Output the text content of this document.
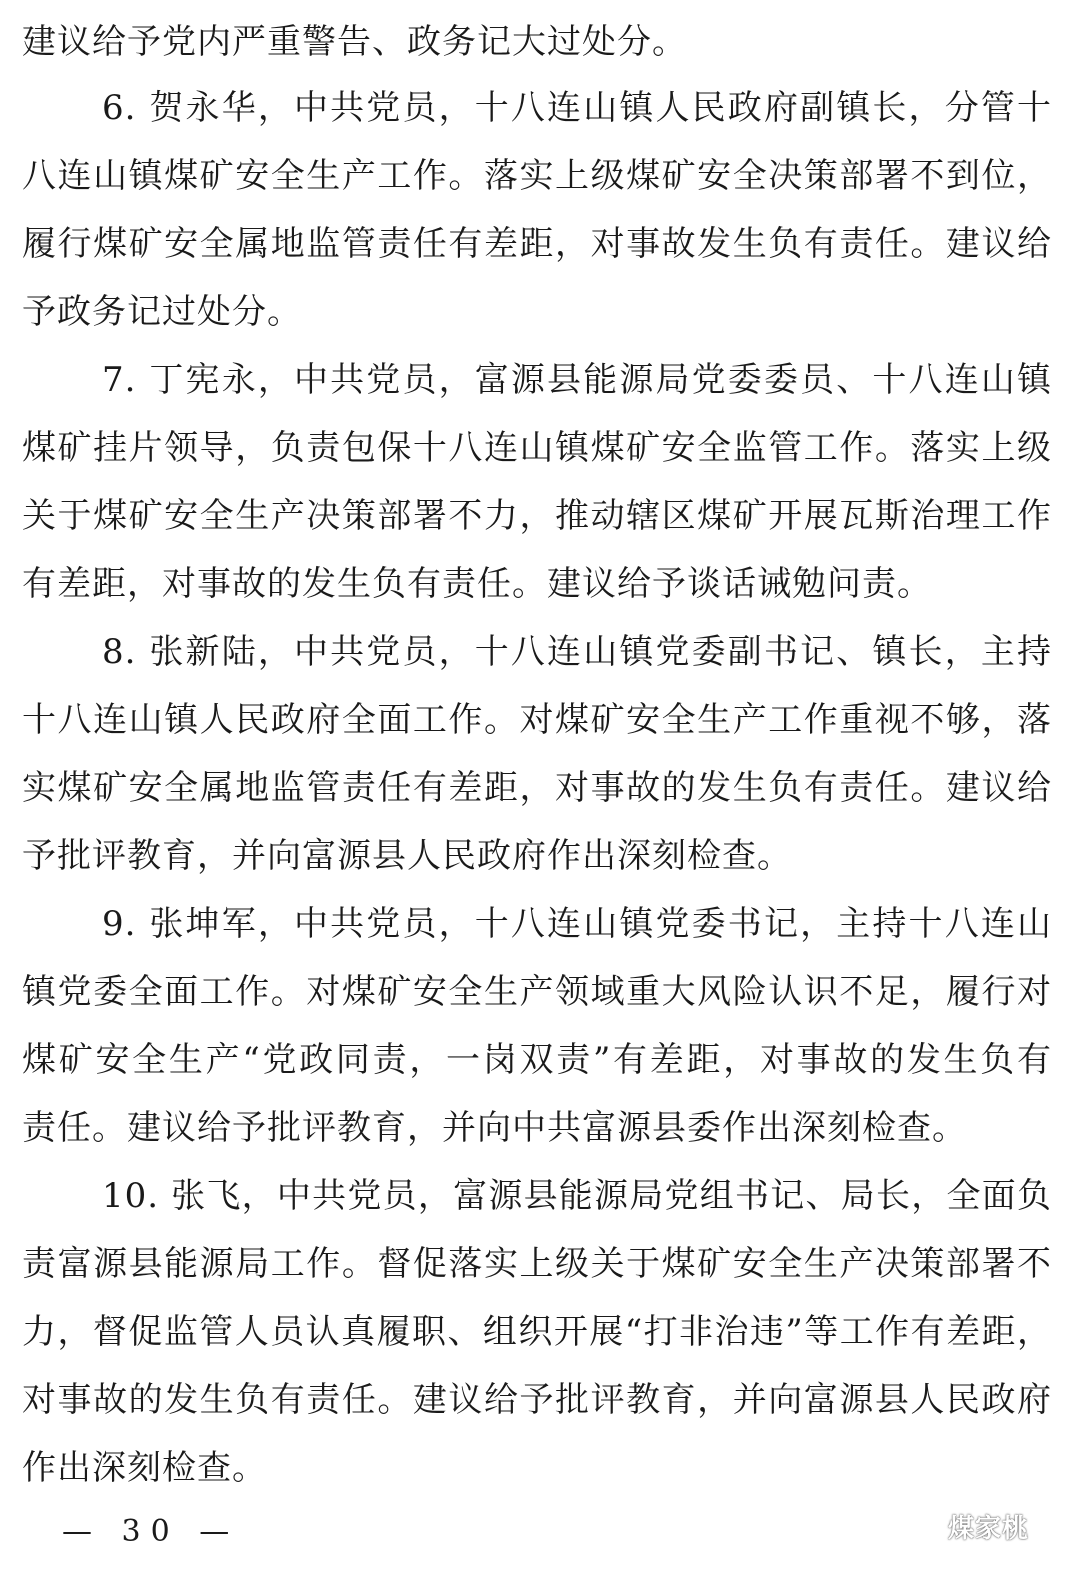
建议给予党内严重警告、政务记大过处分。
6. 贺永华，中共党员，十八连山镇人民政府副镇长，分管十
八连山镇煤矿安全生产工作。落实上级煤矿安全决策部署不到位，
履行煤矿安全属地监管责任有差距，对事故发生负有责任。建议给
予政务记过处分。
7. 丁宪永，中共党员，富源县能源局党委委员、十八连山镇
煤矿挂片领导，负责包保十八连山镇煤矿安全监管工作。落实上级
关于煤矿安全生产决策部署不力，推动辖区煤矿开展瓦斯治理工作
有差距，对事故的发生负有责任。建议给予谈话诫勉问责。
8. 张新陆，中共党员，十八连山镇党委副书记、镇长，主持
十八连山镇人民政府全面工作。对煤矿安全生产工作重视不够，落
实煤矿安全属地监管责任有差距，对事故的发生负有责任。建议给
予批评教育，并向富源县人民政府作出深刻检查。
9. 张坤军，中共党员，十八连山镇党委书记，主持十八连山
镇党委全面工作。对煤矿安全生产领域重大风险认识不足，履行对
煤矿安全生产“党政同责，一岗双责”有差距，对事故的发生负有
责任。建议给予批评教育，并向中共富源县委作出深刻检查。
10. 张飞，中共党员，富源县能源局党组书记、局长，全面负
责富源县能源局工作。督促落实上级关于煤矿安全生产决策部署不
力，督促监管人员认真履职、组织开展“打非治违”等工作有差距，
对事故的发生负有责任。建议给予批评教育，并向富源县人民政府
作出深刻检查。
— 30 —	煤家桃
